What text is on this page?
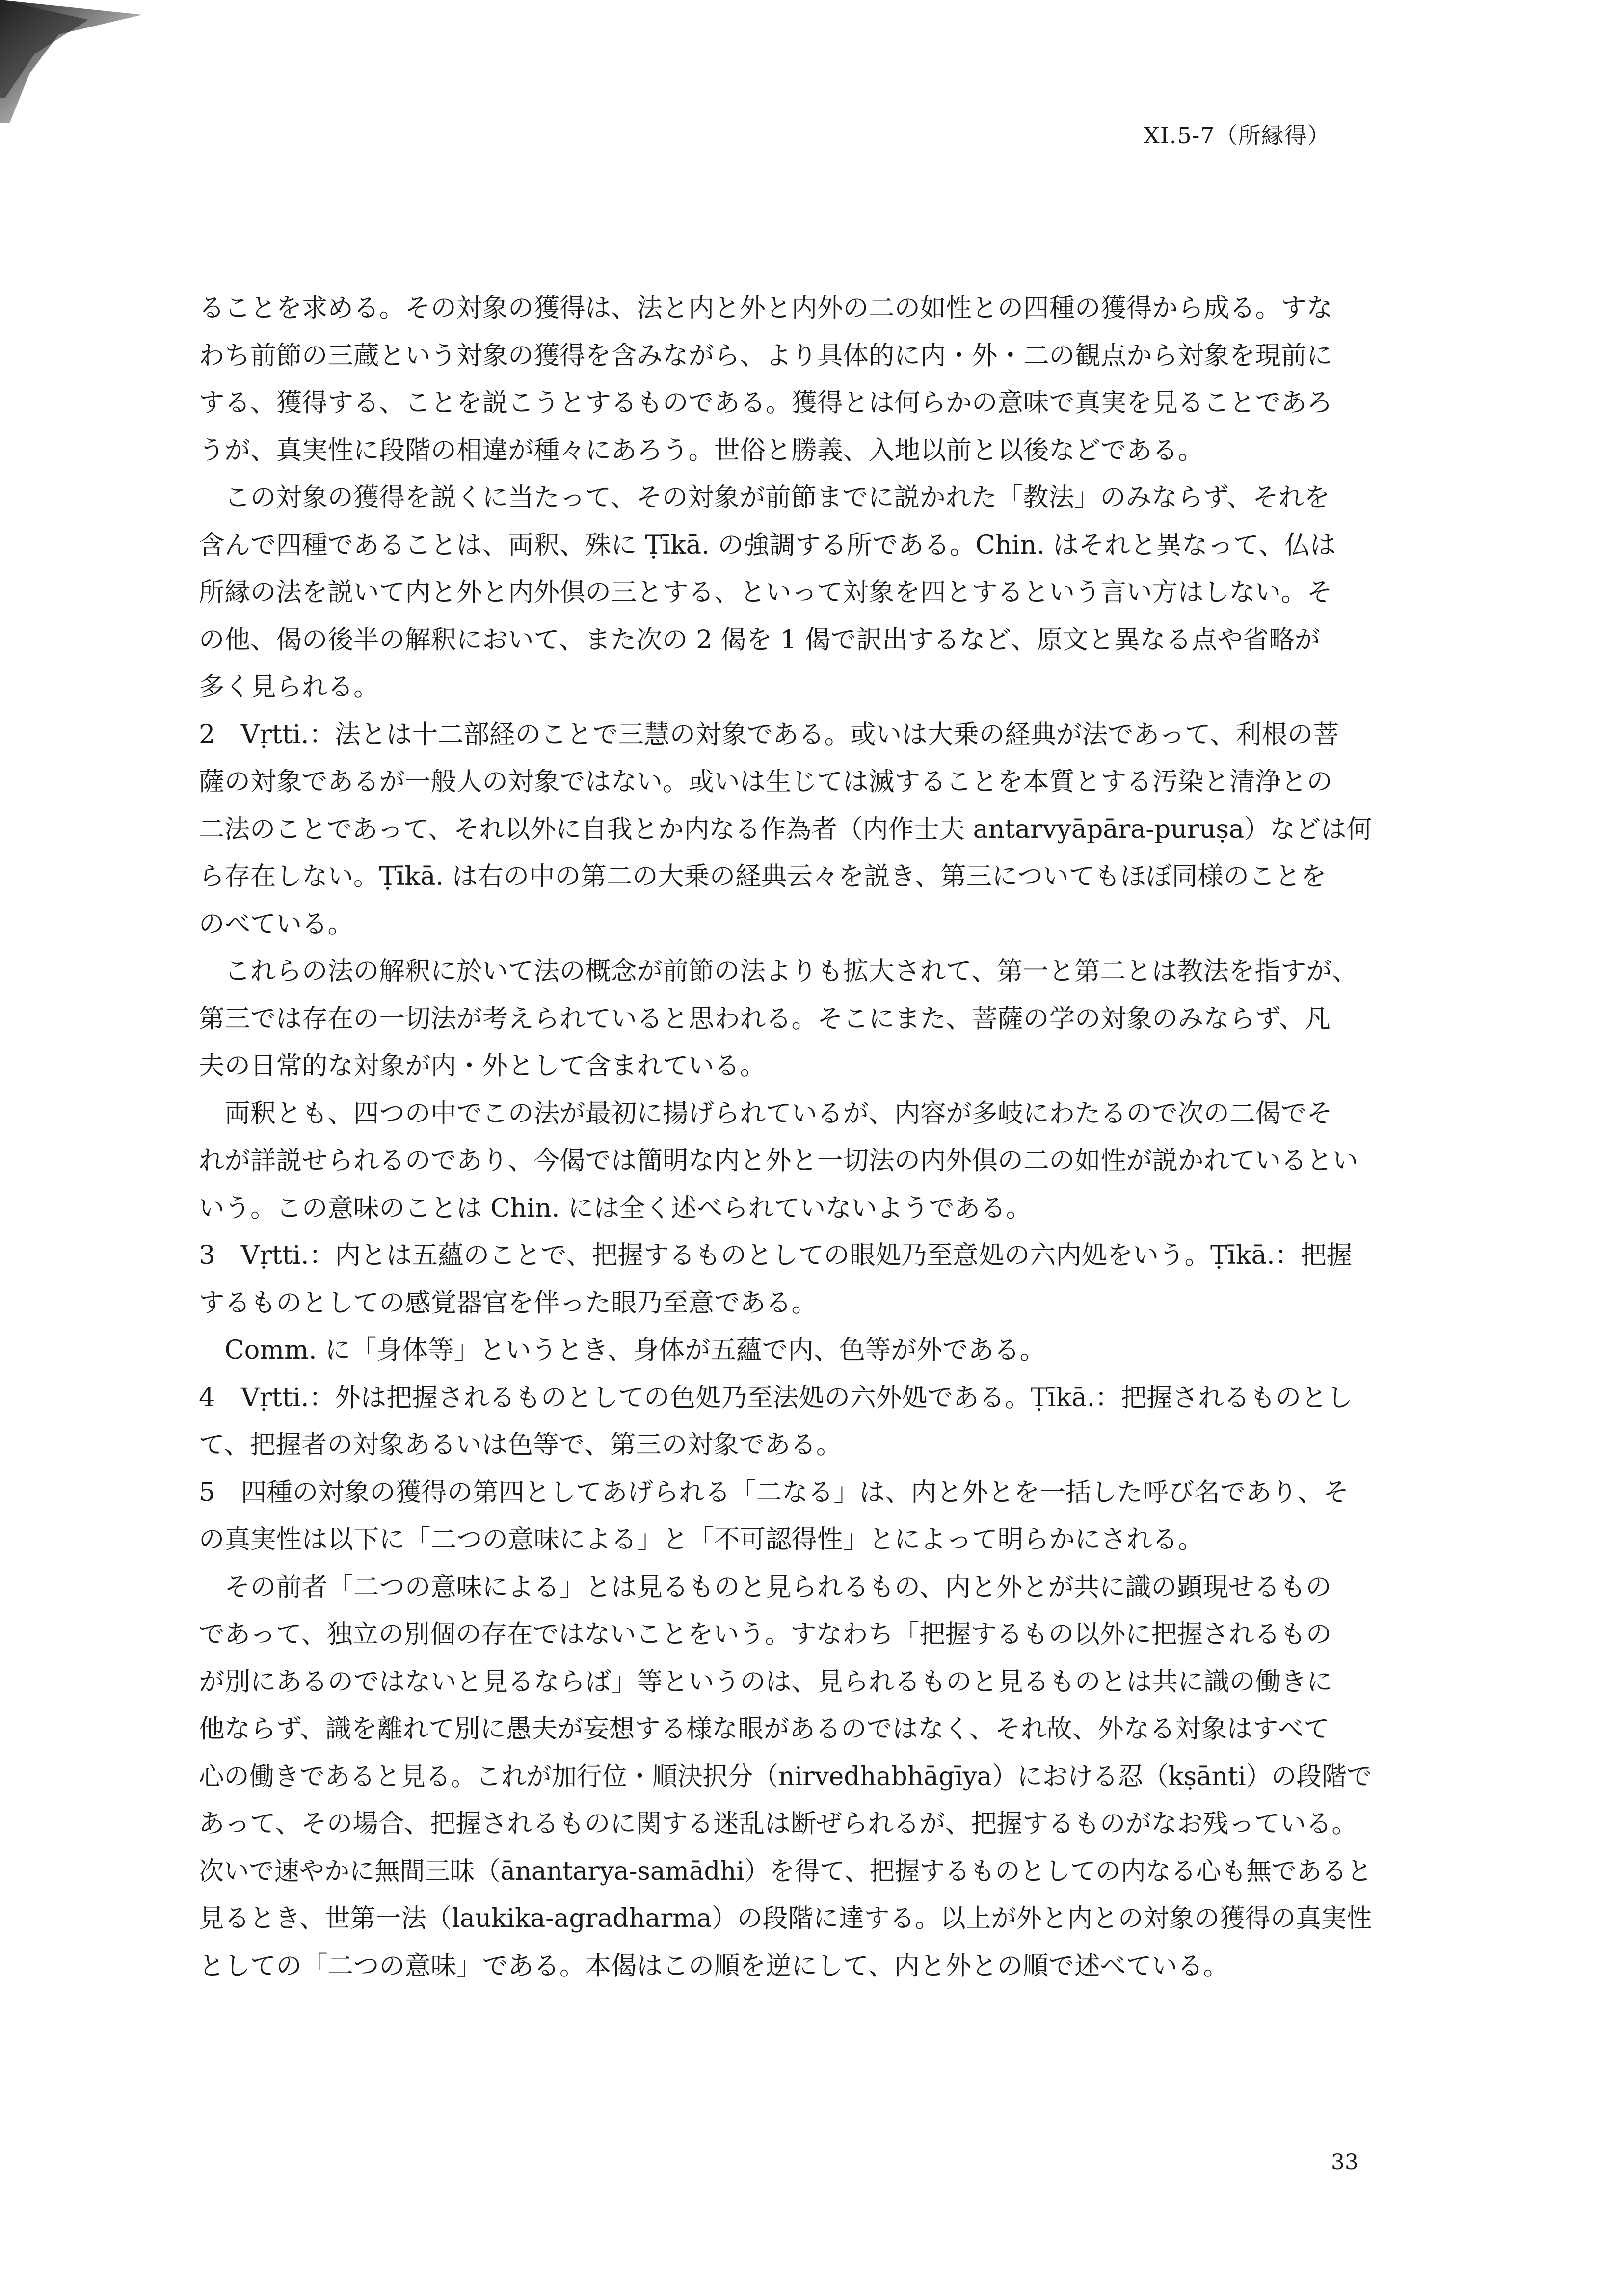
XI.5-7（所縁得）
ることを求める。その対象の獲得は、法と内と外と内外の二の如性との四種の獲得から成る。すな
わち前節の三蔵という対象の獲得を含みながら、より具体的に内・外・二の観点から対象を現前に
する、獲得する、ことを説こうとするものである。獲得とは何らかの意味で真実を見ることであろ
うが、真実性に段階の相違が種々にあろう。世俗と勝義、入地以前と以後などである。
　この対象の獲得を説くに当たって、その対象が前節までに説かれた「教法」のみならず、それを
含んで四種であることは、両釈、殊に Ṭīkā. の強調する所である。Chin. はそれと異なって、仏は
所縁の法を説いて内と外と内外倶の三とする、といって対象を四とするという言い方はしない。そ
の他、偈の後半の解釈において、また次の 2 偈を 1 偈で訳出するなど、原文と異なる点や省略が
多く見られる。
2　Vṛtti.：法とは十二部経のことで三慧の対象である。或いは大乗の経典が法であって、利根の菩
薩の対象であるが一般人の対象ではない。或いは生じては滅することを本質とする汚染と清浄との
二法のことであって、それ以外に自我とか内なる作為者（内作士夫 antarvyāpāra-puruṣa）などは何
ら存在しない。Ṭīkā. は右の中の第二の大乗の経典云々を説き、第三についてもほぼ同様のことを
のべている。
　これらの法の解釈に於いて法の概念が前節の法よりも拡大されて、第一と第二とは教法を指すが、
第三では存在の一切法が考えられていると思われる。そこにまた、菩薩の学の対象のみならず、凡
夫の日常的な対象が内・外として含まれている。
　両釈とも、四つの中でこの法が最初に揚げられているが、内容が多岐にわたるので次の二偈でそ
れが詳説せられるのであり、今偈では簡明な内と外と一切法の内外倶の二の如性が説かれているとい
いう。この意味のことは Chin. には全く述べられていないようである。
3　Vṛtti.：内とは五蘊のことで、把握するものとしての眼処乃至意処の六内処をいう。Ṭīkā.：把握
するものとしての感覚器官を伴った眼乃至意である。
　Comm. に「身体等」というとき、身体が五蘊で内、色等が外である。
4　Vṛtti.：外は把握されるものとしての色処乃至法処の六外処である。Ṭīkā.：把握されるものとし
て、把握者の対象あるいは色等で、第三の対象である。
5　四種の対象の獲得の第四としてあげられる「二なる」は、内と外とを一括した呼び名であり、そ
の真実性は以下に「二つの意味による」と「不可認得性」とによって明らかにされる。
　その前者「二つの意味による」とは見るものと見られるもの、内と外とが共に識の顕現せるもの
であって、独立の別個の存在ではないことをいう。すなわち「把握するもの以外に把握されるもの
が別にあるのではないと見るならば」等というのは、見られるものと見るものとは共に識の働きに
他ならず、識を離れて別に愚夫が妄想する様な眼があるのではなく、それ故、外なる対象はすべて
心の働きであると見る。これが加行位・順決択分（nirvedhabhāgīya）における忍（kṣānti）の段階で
あって、その場合、把握されるものに関する迷乱は断ぜられるが、把握するものがなお残っている。
次いで速やかに無間三昧（ānantarya-samādhi）を得て、把握するものとしての内なる心も無であると
見るとき、世第一法（laukika-agradharma）の段階に達する。以上が外と内との対象の獲得の真実性
としての「二つの意味」である。本偈はこの順を逆にして、内と外との順で述べている。
33
